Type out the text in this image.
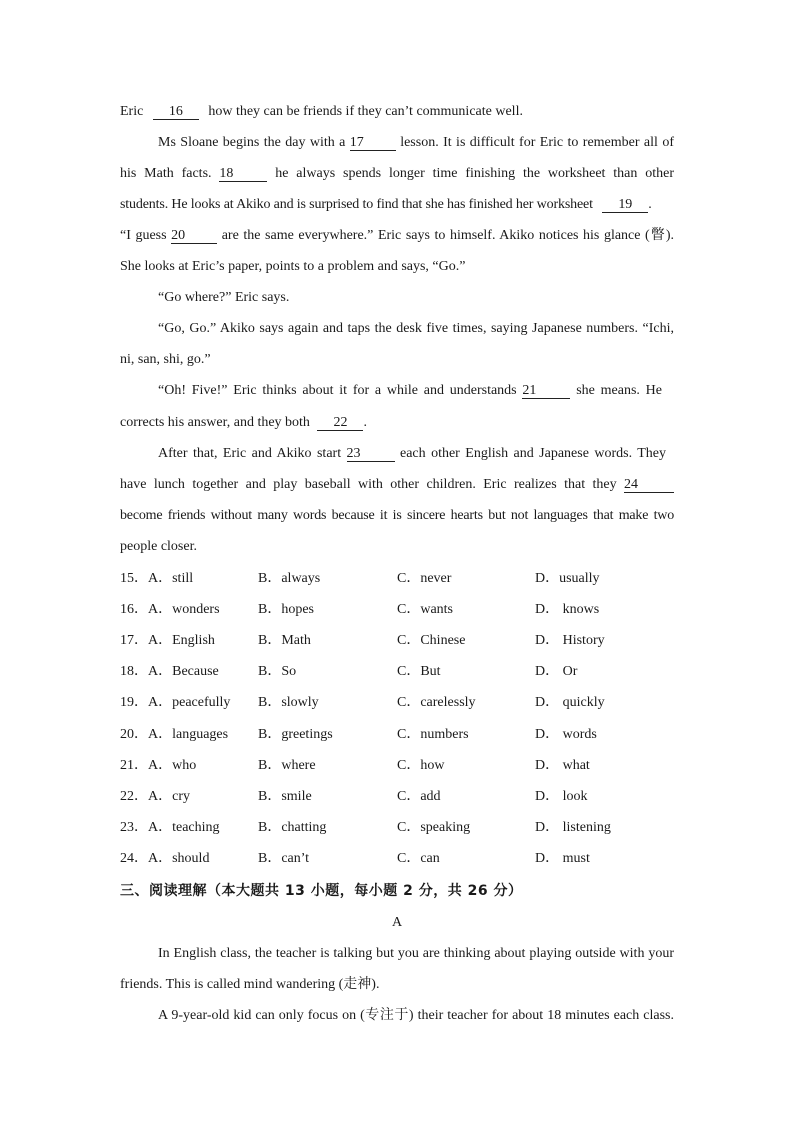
Eric 16 how they can be friends if they can’t communicate well.
Ms Sloane begins the day with a 17	lesson. It is difficult for Eric to remember all of
his Math facts. 18	he always spends longer time finishing the worksheet than other
students. He looks at Akiko and is surprised to find that she has finished her worksheet 19 .
“I guess 20	are the same everywhere.” Eric says to himself. Akiko notices his glance (瞥).
She looks at Eric’s paper, points to a problem and says, “Go.”
“Go where?” Eric says.
“Go, Go.” Akiko says again and taps the desk five times, saying Japanese numbers. “Ichi,
ni, san, shi, go.”
“Oh! Five!” Eric thinks about it for a while and understands 21	she means. He
corrects his answer, and they both 22 .
After that, Eric and Akiko start 23	each other English and Japanese words. They
have lunch together and play baseball with other children. Eric realizes that they 24
become friends without many words because it is sincere hearts but not languages that make two
people closer.
15． A．still	B．always	C．never	D．usually
16． A．wonders	B．hopes	C．wants	D． knows
17． A．English	B．Math	C．Chinese	D． History
18． A．Because	B．So	C．But	D． Or
19． A．peacefully B．slowly	C．carelessly	D． quickly
20． A．languages B．greetings	C．numbers	D． words
21． A．who	B．where	C．how	D． what
22． A．cry	B．smile	C．add	D． look
23． A．teaching	B．chatting	C．speaking	D． listening
24． A．should	B．can’t	C．can	D． must
三、阅读理解（本大题共 13 小题，每小题 2 分，共 26 分）
A
In English class, the teacher is talking but you are thinking about playing outside with your
friends. This is called mind wandering (走神).
A 9-year-old kid can only focus on (专注于) their teacher for about 18 minutes each class.
